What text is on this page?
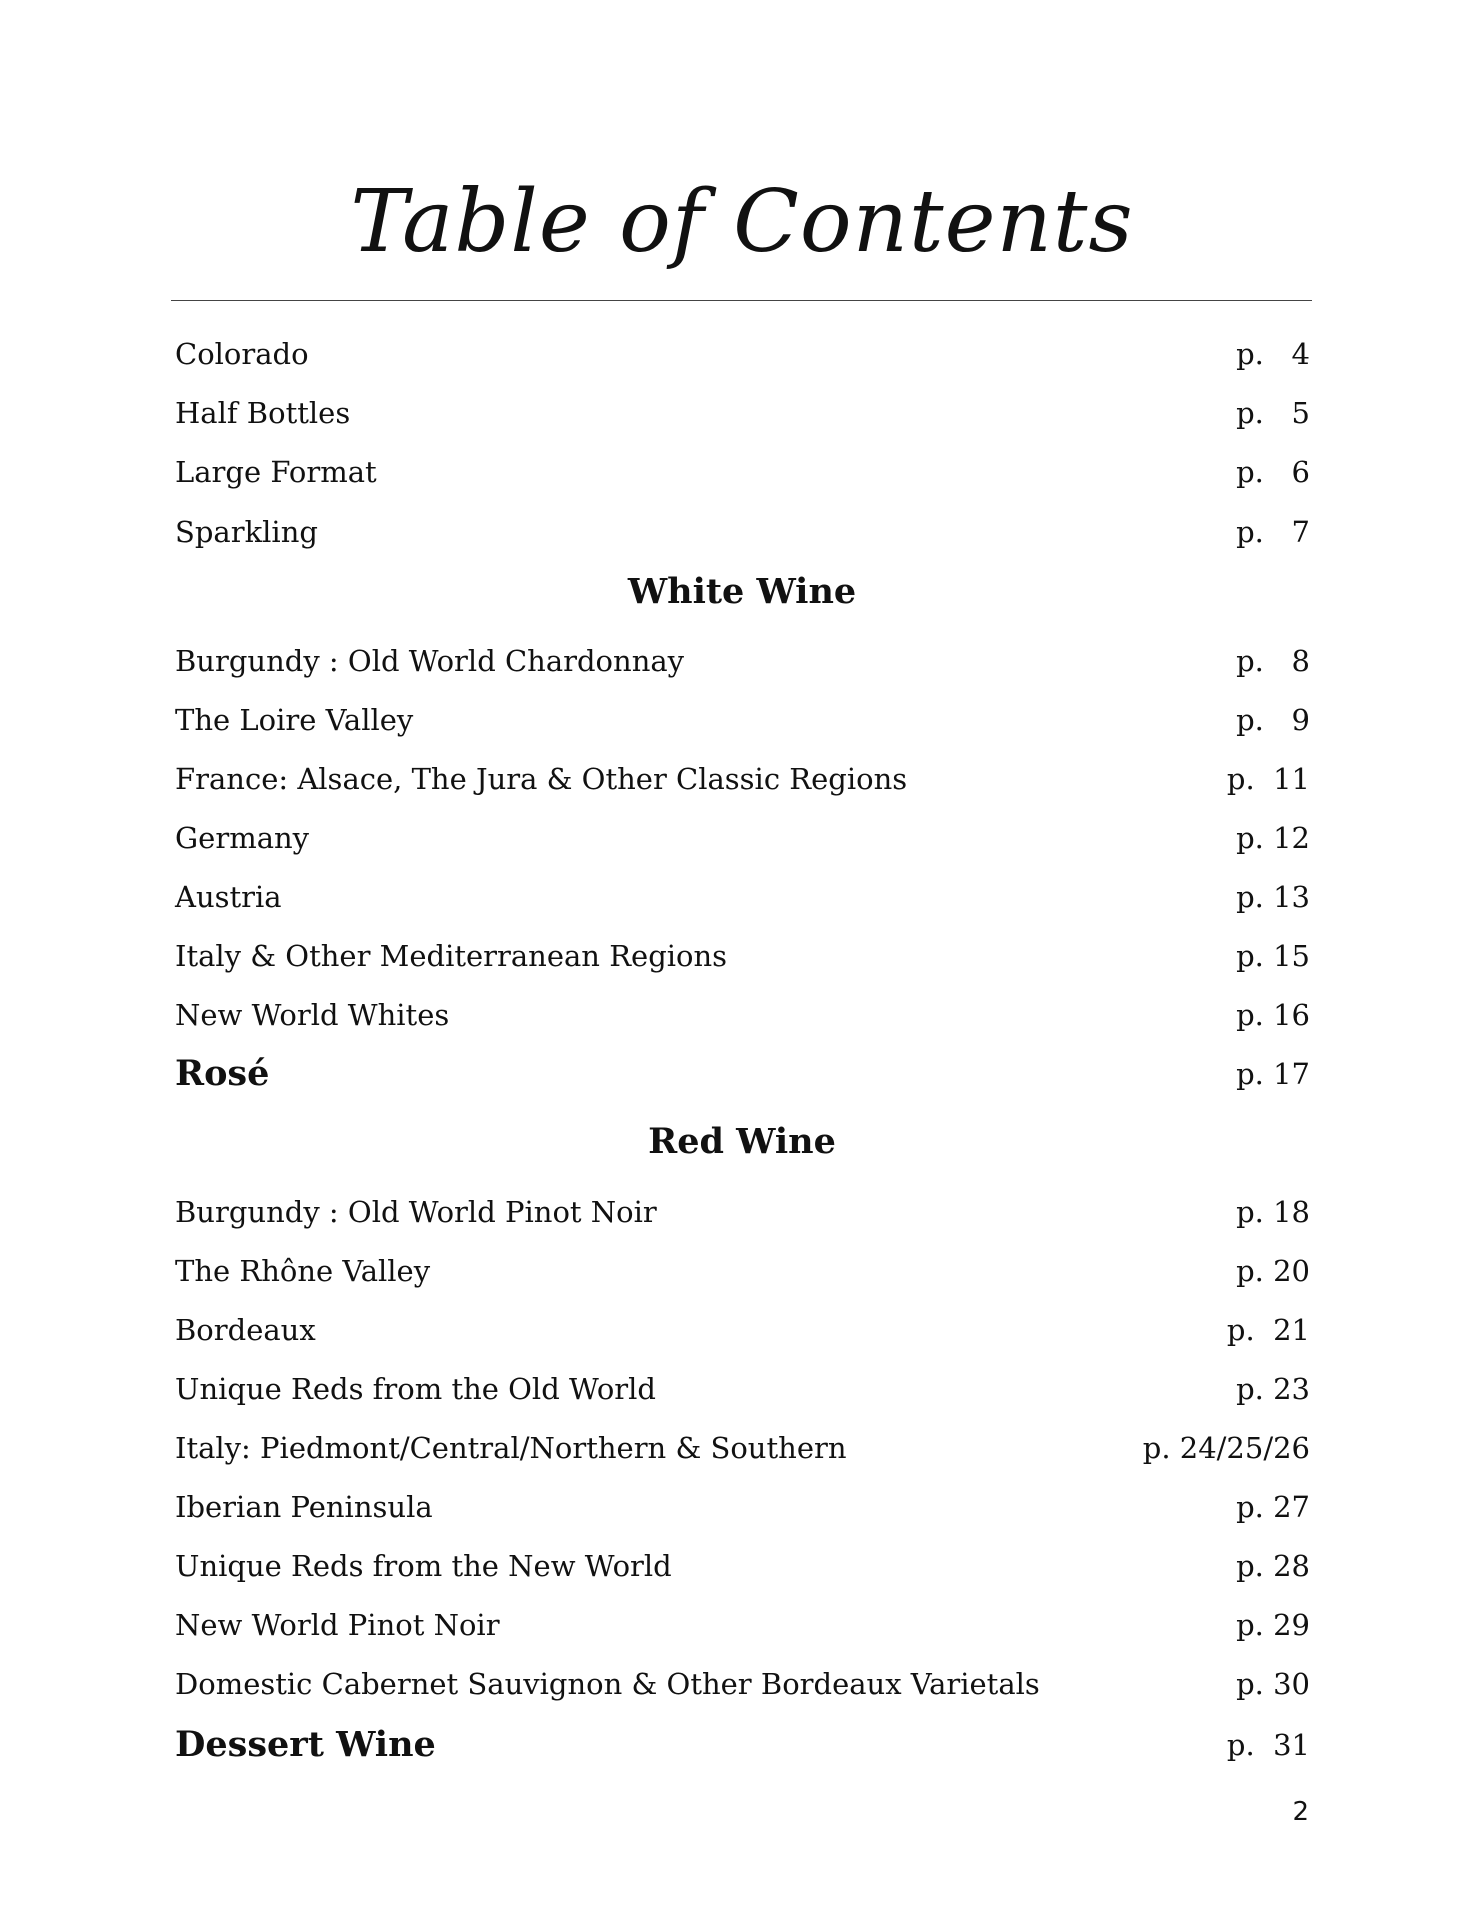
Table of Contents
Colorado	p.   4
Half Bottles	p.   5
Large Format	p.   6
Sparkling	p.   7
White Wine
Burgundy : Old World Chardonnay	p.   8
The Loire Valley	p.   9
France: Alsace, The Jura & Other Classic Regions	p.  11
Germany	p. 12
Austria	p. 13
Italy & Other Mediterranean Regions	p. 15
New World Whites	p. 16
Rosé	p. 17
Red Wine
Burgundy : Old World Pinot Noir	p. 18
The Rhône Valley	p. 20
Bordeaux	p.  21
Unique Reds from the Old World	p. 23
Italy: Piedmont/Central/Northern & Southern	p. 24/25/26
Iberian Peninsula	p. 27
Unique Reds from the New World	p. 28
New World Pinot Noir	p. 29
Domestic Cabernet Sauvignon & Other Bordeaux Varietals	p. 30
Dessert Wine	p.  31
2
